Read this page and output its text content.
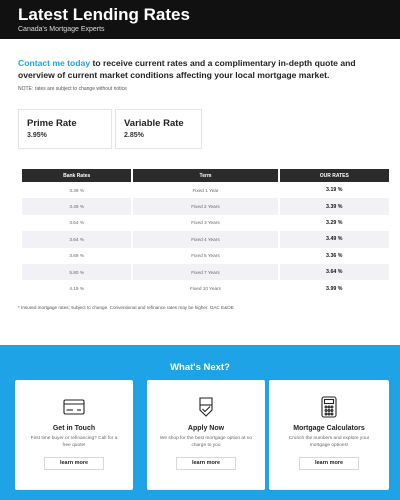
Latest Lending Rates
Canada's Mortgage Experts

Contact me today to receive current rates and a complimentary in-depth quote and overview of current market conditions affecting your local mortgage market.

NOTE: rates are subject to change without notice
Prime Rate
3.95%
Variable Rate
2.85%
Bank Rates	Term	OUR RATES
3.39 %	Fixed 1 Year	3.19 %
3.49 %	Fixed 2 Years	3.39 %
3.64 %	Fixed 3 Years	3.29 %
3.64 %	Fixed 4 Years	3.49 %
3.69 %	Fixed 5 Years	3.36 %
5.80 %	Fixed 7 Years	3.64 %
4.19 %	Fixed 10 Years	3.99 %
* Insured mortgage rates; subject to change. Conventional and refinance rates may be higher. OAC E&OE
What's Next?
Get in Touch
First time buyer or refinancing? Call for a free quote!
learn more
Apply Now
We shop for the best mortgage option at no charge to you
learn more
Mortgage Calculators
Crunch the numbers and explore your mortgage options!
learn more
